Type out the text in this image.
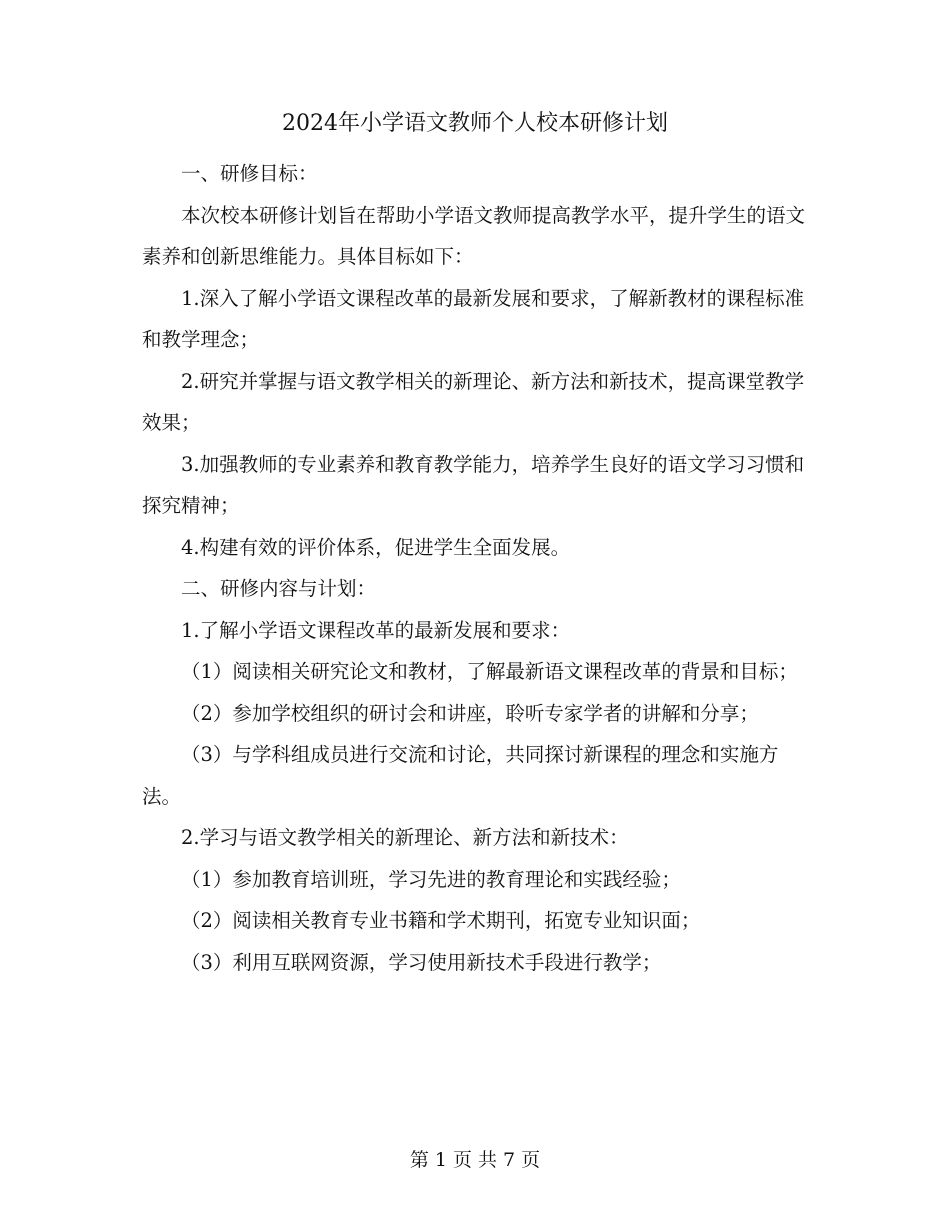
2024年小学语文教师个人校本研修计划

一、研修目标：

本次校本研修计划旨在帮助小学语文教师提高教学水平，提升学生的语文素养和创新思维能力。具体目标如下：

1.深入了解小学语文课程改革的最新发展和要求，了解新教材的课程标准和教学理念；

2.研究并掌握与语文教学相关的新理论、新方法和新技术，提高课堂教学效果；

3.加强教师的专业素养和教育教学能力，培养学生良好的语文学习习惯和探究精神；

4.构建有效的评价体系，促进学生全面发展。

二、研修内容与计划：

1.了解小学语文课程改革的最新发展和要求：

（1）阅读相关研究论文和教材，了解最新语文课程改革的背景和目标；

（2）参加学校组织的研讨会和讲座，聆听专家学者的讲解和分享；

（3）与学科组成员进行交流和讨论，共同探讨新课程的理念和实施方法。

2.学习与语文教学相关的新理论、新方法和新技术：

（1）参加教育培训班，学习先进的教育理论和实践经验；

（2）阅读相关教育专业书籍和学术期刊，拓宽专业知识面；

（3）利用互联网资源，学习使用新技术手段进行教学；

第 1 页 共 7 页
